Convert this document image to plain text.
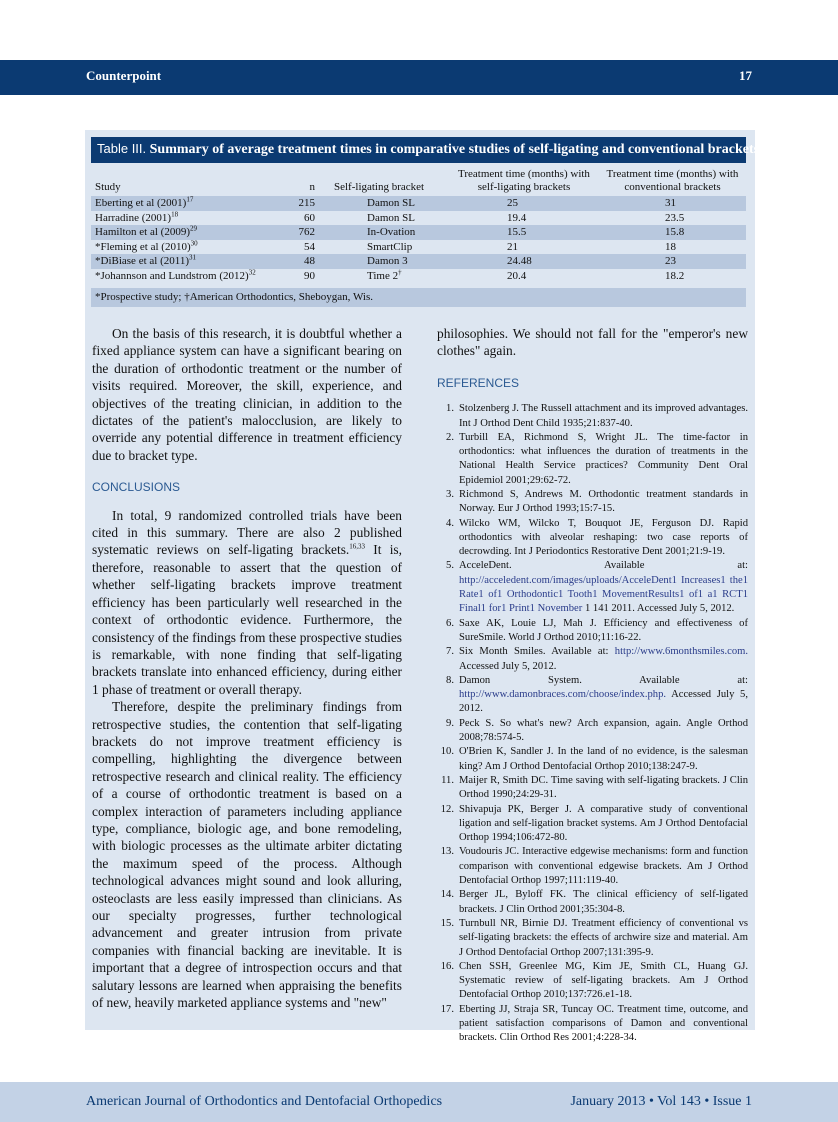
Counterpoint	17
Table III. Summary of average treatment times in comparative studies of self-ligating and conventional brackets
Study	n	Self-ligating bracket	Treatment time (months) with self-ligating brackets	Treatment time (months) with conventional brackets
Eberting et al $(2001)^{17}$	215	Damon SL	25	31
Harradine $(2001)^{18}$	60	Damon SL	19.4	23.5
Hamilton et al $(2009)^{29}$	762	In-Ovation	15.5	15.8
*Fleming et al $(2010)^{30}$	54	SmartClip	21	18
*DiBiase et al $(2011)^{31}$	48	Damon 3	24.48	23
*Johannson and Lundstrom $(2012)^{32}$	90	Time 2†	20.4	18.2
*Prospective study; †American Orthodontics, Sheboygan, Wis.

On the basis of this research, it is doubtful whether a fixed appliance system can have a significant bearing on the duration of orthodontic treatment or the number of visits required. Moreover, the skill, experience, and objectives of the treating clinician, in addition to the dictates of the patient's malocclusion, are likely to override any potential difference in treatment efficiency due to bracket type.

CONCLUSIONS

In total, 9 randomized controlled trials have been cited in this summary. There are also 2 published systematic reviews on self-ligating brackets.$^{16,33}$ It is, therefore, reasonable to assert that the question of whether self-ligating brackets improve treatment efficiency has been particularly well researched in the context of orthodontic evidence. Furthermore, the consistency of the findings from these prospective studies is remarkable, with none finding that self-ligating brackets translate into enhanced efficiency, during either 1 phase of treatment or overall therapy.

Therefore, despite the preliminary findings from retrospective studies, the contention that self-ligating brackets do not improve treatment efficiency is compelling, highlighting the divergence between retrospective research and clinical reality. The efficiency of a course of orthodontic treatment is based on a complex interaction of parameters including appliance type, compliance, biologic age, and bone remodeling, with biologic processes as the ultimate arbiter dictating the maximum speed of the process. Although technological advances might sound and look alluring, osteoclasts are less easily impressed than clinicians. As our specialty progresses, further technological advancement and greater intrusion from private companies with financial backing are inevitable. It is important that a degree of introspection occurs and that salutary lessons are learned when appraising the benefits of new, heavily marketed appliance systems and "new"

philosophies. We should not fall for the "emperor's new clothes" again.

REFERENCES
1. Stolzenberg J. The Russell attachment and its improved advantages. Int J Orthod Dent Child 1935;21:837-40.
2. Turbill EA, Richmond S, Wright JL. The time-factor in orthodontics: what influences the duration of treatments in the National Health Service practices? Community Dent Oral Epidemiol 2001;29:62-72.
3. Richmond S, Andrews M. Orthodontic treatment standards in Norway. Eur J Orthod 1993;15:7-15.
4. Wilcko WM, Wilcko T, Bouquot JE, Ferguson DJ. Rapid orthodontics with alveolar reshaping: two case reports of decrowding. Int J Periodontics Restorative Dent 2001;21:9-19.
5. AcceleDent. Available at: http://acceledent.com/images/uploads/AcceleDent1 Increases1 the1 Rate1 of1 Orthodontic1 Tooth1 MovementResults1 of1 a1 RCT1 Final1 for1 Print1 November 1 141 2011. Accessed July 5, 2012.
6. Saxe AK, Louie LJ, Mah J. Efficiency and effectiveness of SureSmile. World J Orthod 2010;11:16-22.
7. Six Month Smiles. Available at: http://www.6monthsmiles.com. Accessed July 5, 2012.
8. Damon System. Available at: http://www.damonbraces.com/choose/index.php. Accessed July 5, 2012.
9. Peck S. So what's new? Arch expansion, again. Angle Orthod 2008;78:574-5.
10. O'Brien K, Sandler J. In the land of no evidence, is the salesman king? Am J Orthod Dentofacial Orthop 2010;138:247-9.
11. Maijer R, Smith DC. Time saving with self-ligating brackets. J Clin Orthod 1990;24:29-31.
12. Shivapuja PK, Berger J. A comparative study of conventional ligation and self-ligation bracket systems. Am J Orthod Dentofacial Orthop 1994;106:472-80.
13. Voudouris JC. Interactive edgewise mechanisms: form and function comparison with conventional edgewise brackets. Am J Orthod Dentofacial Orthop 1997;111:119-40.
14. Berger JL, Byloff FK. The clinical efficiency of self-ligated brackets. J Clin Orthod 2001;35:304-8.
15. Turnbull NR, Birnie DJ. Treatment efficiency of conventional vs self-ligating brackets: the effects of archwire size and material. Am J Orthod Dentofacial Orthop 2007;131:395-9.
16. Chen SSH, Greenlee MG, Kim JE, Smith CL, Huang GJ. Systematic review of self-ligating brackets. Am J Orthod Dentofacial Orthop 2010;137:726.e1-18.
17. Eberting JJ, Straja SR, Tuncay OC. Treatment time, outcome, and patient satisfaction comparisons of Damon and conventional brackets. Clin Orthod Res 2001;4:228-34.
American Journal of Orthodontics and Dentofacial Orthopedics	January 2013 • Vol 143 • Issue 1
